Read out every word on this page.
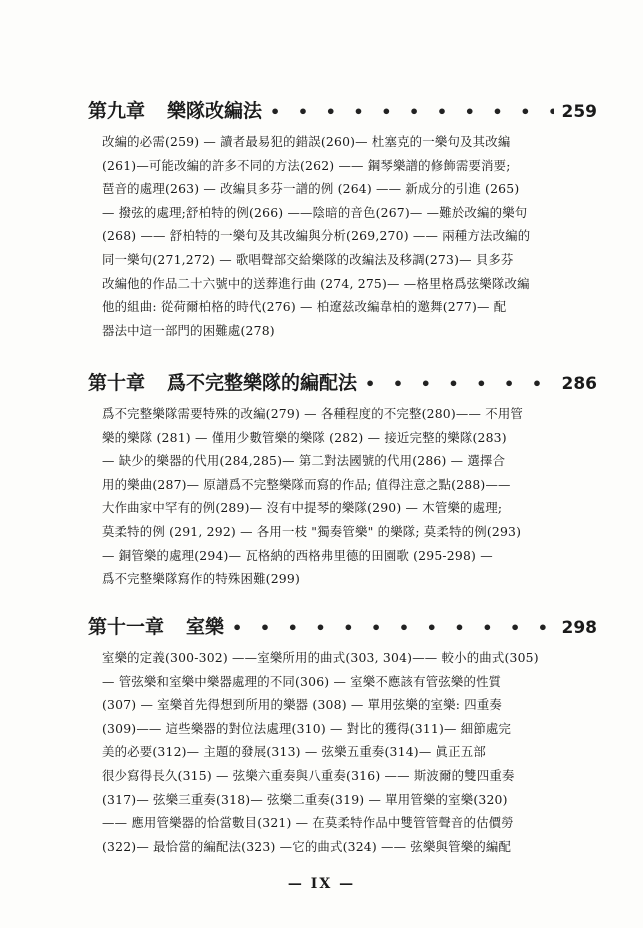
第九章 樂隊改編法 • • •	259
改編的必需(259) — 讀者最易犯的錯誤(260)— 杜塞克的一樂句及其改編
(261)—可能改編的許多不同的方法(262) —— 鋼琴樂譜的修飾需要消要;
琶音的處理(263) — 改編貝多芬一譜的例 (264) —— 新成分的引進 (265)
— 撥弦的處理;舒柏特的例(266) ——陰暗的音色(267)— —難於改編的樂句
(268) —— 舒柏特的一樂句及其改編與分析(269,270) —— 兩種方法改編的
同一樂句(271,272) — 歌唱聲部交給樂隊的改編法及移調(273)— 貝多芬
改編他的作品二十六號中的送葬進行曲 (274, 275)— —格里格爲弦樂隊改編
他的組曲: 從荷爾柏格的時代(276) — 柏遼兹改編韋柏的邀舞(277)— 配
器法中這一部門的困難處(278)
第十章 爲不完整樂隊的編配法 • • •	286
爲不完整樂隊需要特殊的改編(279) — 各種程度的不完整(280)—— 不用管
樂的樂隊 (281) — 僅用少數管樂的樂隊 (282) — 接近完整的樂隊(283)
— 缺少的樂器的代用(284,285)— 第二對法國號的代用(286) — 選擇合
用的樂曲(287)— 原譜爲不完整樂隊而寫的作品; 值得注意之點(288)——
大作曲家中罕有的例(289)— 沒有中提琴的樂隊(290) — 木管樂的處理;
莫柔特的例 (291, 292) — 各用一枝 "獨奏管樂" 的樂隊; 莫柔特的例(293)
— 銅管樂的處理(294)— 瓦格納的西格弗里德的田園歌 (295-298) —
爲不完整樂隊寫作的特殊困難(299)
第十一章 室樂 • • •	298
室樂的定義(300-302) ——室樂所用的曲式(303, 304)—— 較小的曲式(305)
— 管弦樂和室樂中樂器處理的不同(306) — 室樂不應該有管弦樂的性質
(307) — 室樂首先得想到所用的樂器 (308) — 單用弦樂的室樂: 四重奏
(309)—— 這些樂器的對位法處理(310) — 對比的獲得(311)— 細節處完
美的必要(312)— 主題的發展(313) — 弦樂五重奏(314)— 眞正五部
很少寫得長久(315) — 弦樂六重奏與八重奏(316) —— 斯波爾的雙四重奏
(317)— 弦樂三重奏(318)— 弦樂二重奏(319) — 單用管樂的室樂(320)
—— 應用管樂器的恰當數目(321) — 在莫柔特作品中雙管管聲音的估價勞
(322)— 最恰當的編配法(323) —它的曲式(324) —— 弦樂與管樂的編配
— IX —
